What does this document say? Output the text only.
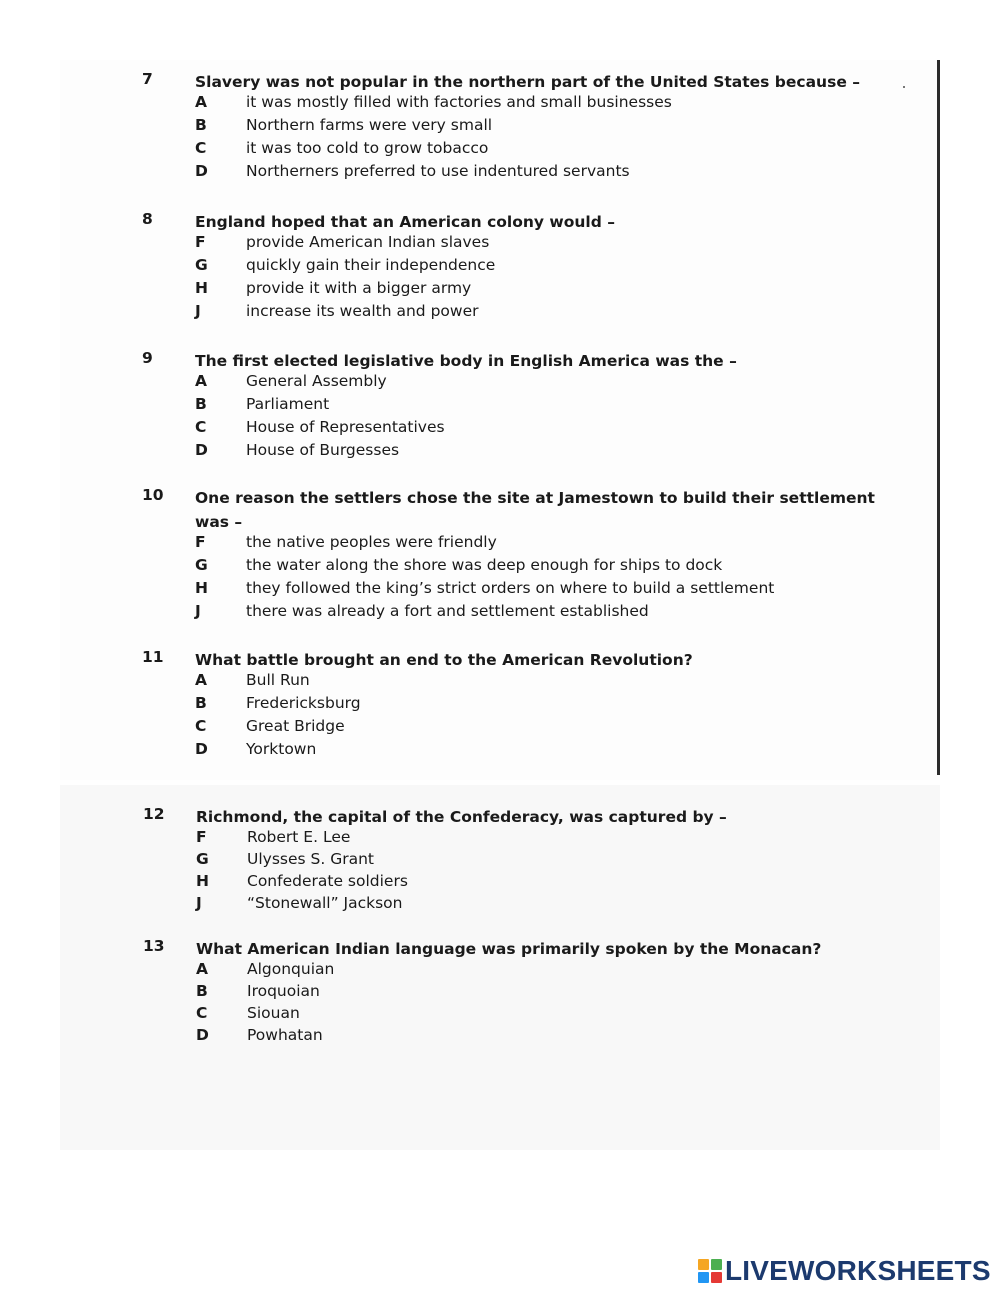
7	Slavery was not popular in the northern part of the United States because –
A	it was mostly filled with factories and small businesses
B	Northern farms were very small
C	it was too cold to grow tobacco
D Northerners preferred to use indentured servants
8	England hoped that an American colony would –
F	provide American Indian slaves
G quickly gain their independence
H provide it with a bigger army
J	increase its wealth and power
9	The first elected legislative body in English America was the –
A	General Assembly
B	Parliament
C	House of Representatives
D House of Burgesses
10 One reason the settlers chose the site at Jamestown to build their settlement was –
F	the native peoples were friendly
G the water along the shore was deep enough for ships to dock
H they followed the king’s strict orders on where to build a settlement
J	there was already a fort and settlement established
11 What battle brought an end to the American Revolution?
A	Bull Run
B	Fredericksburg
C	Great Bridge
D Yorktown
12 Richmond, the capital of the Confederacy, was captured by –
F	Robert E. Lee
G Ulysses S. Grant
H Confederate soldiers
J	“Stonewall” Jackson
13 What American Indian language was primarily spoken by the Monacan?
A	Algonquian
B	Iroquoian
C	Siouan
D Powhatan
LIVEWORKSHEETS
